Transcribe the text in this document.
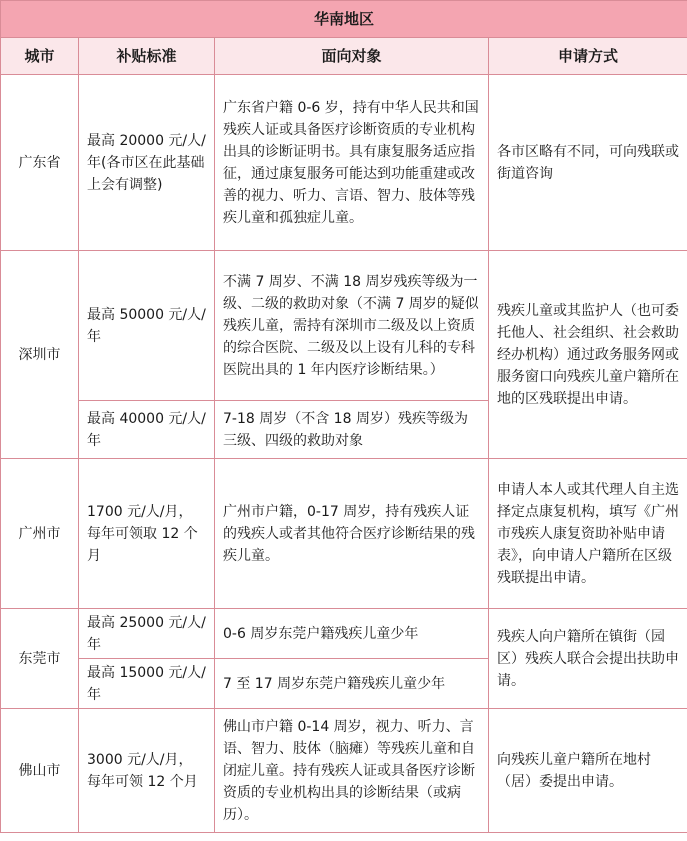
华南地区			
城市	补贴标准	面向对象	申请方式
广东省	最高 20000 元/人/年(各市区在此基础上会有调整)	广东省户籍 0-6 岁，持有中华人民共和国残疾人证或具备医疗诊断资质的专业机构出具的诊断证明书。具有康复服务适应指征，通过康复服务可能达到功能重建或改善的视力、听力、言语、智力、肢体等残疾儿童和孤独症儿童。	各市区略有不同，可向残联或街道咨询
深圳市	最高 50000 元/人/年	不满 7 周岁、不满 18 周岁残疾等级为一级、二级的救助对象（不满 7 周岁的疑似残疾儿童，需持有深圳市二级及以上资质的综合医院、二级及以上设有儿科的专科医院出具的 1 年内医疗诊断结果。）	残疾儿童或其监护人（也可委托他人、社会组织、社会救助经办机构）通过政务服务网或服务窗口向残疾儿童户籍所在地的区残联提出申请。
	最高 40000 元/人/年	7-18 周岁（不含 18 周岁）残疾等级为三级、四级的救助对象	
广州市	1700 元/人/月，每年可领取 12 个月	广州市户籍，0-17 周岁，持有残疾人证的残疾人或者其他符合医疗诊断结果的残疾儿童。	申请人本人或其代理人自主选择定点康复机构，填写《广州市残疾人康复资助补贴申请表》，向申请人户籍所在区级残联提出申请。
东莞市	最高 25000 元/人/年	0-6 周岁东莞户籍残疾儿童少年	残疾人向户籍所在镇街（园区）残疾人联合会提出扶助申请。
	最高 15000 元/人/年	7 至 17 周岁东莞户籍残疾儿童少年	
佛山市	3000 元/人/月，每年可领 12 个月	佛山市户籍 0-14 周岁，视力、听力、言语、智力、肢体（脑瘫）等残疾儿童和自闭症儿童。持有残疾人证或具备医疗诊断资质的专业机构出具的诊断结果（或病历）。	向残疾儿童户籍所在地村（居）委提出申请。
